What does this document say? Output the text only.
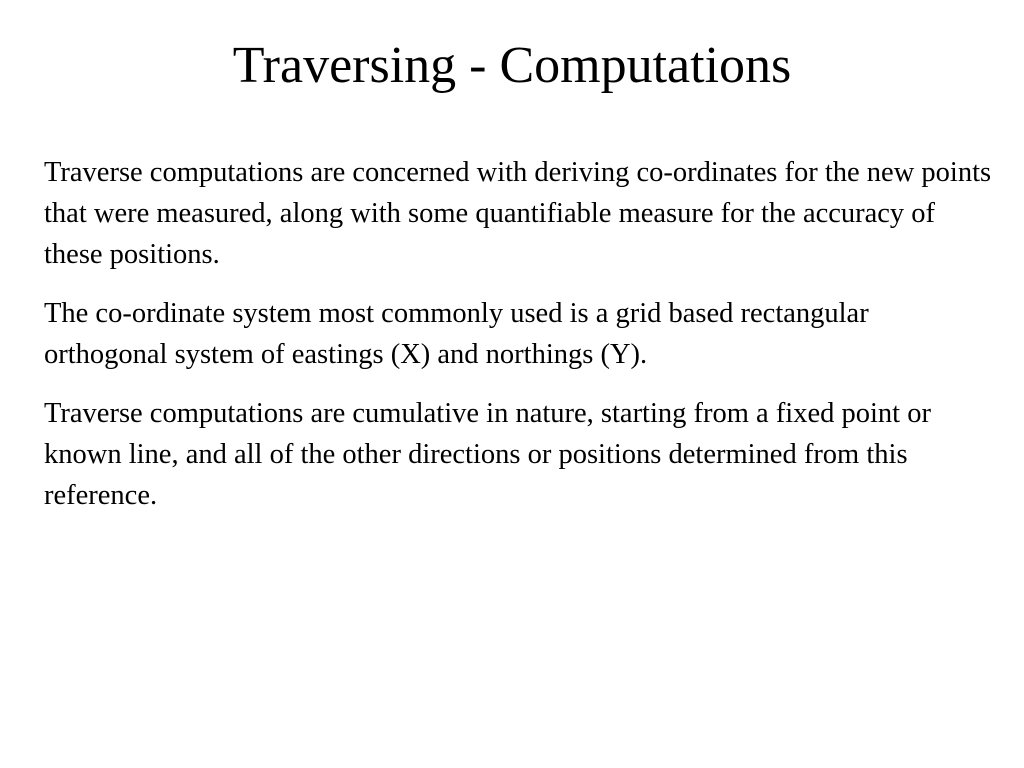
Traversing - Computations

Traverse computations are concerned with deriving co-ordinates for the new points that were measured, along with some quantifiable measure for the accuracy of these positions.

The co-ordinate system most commonly used is a grid based rectangular orthogonal system of eastings (X) and northings (Y).

Traverse computations are cumulative in nature, starting from a fixed point or known line, and all of the other directions or positions determined from this reference.
